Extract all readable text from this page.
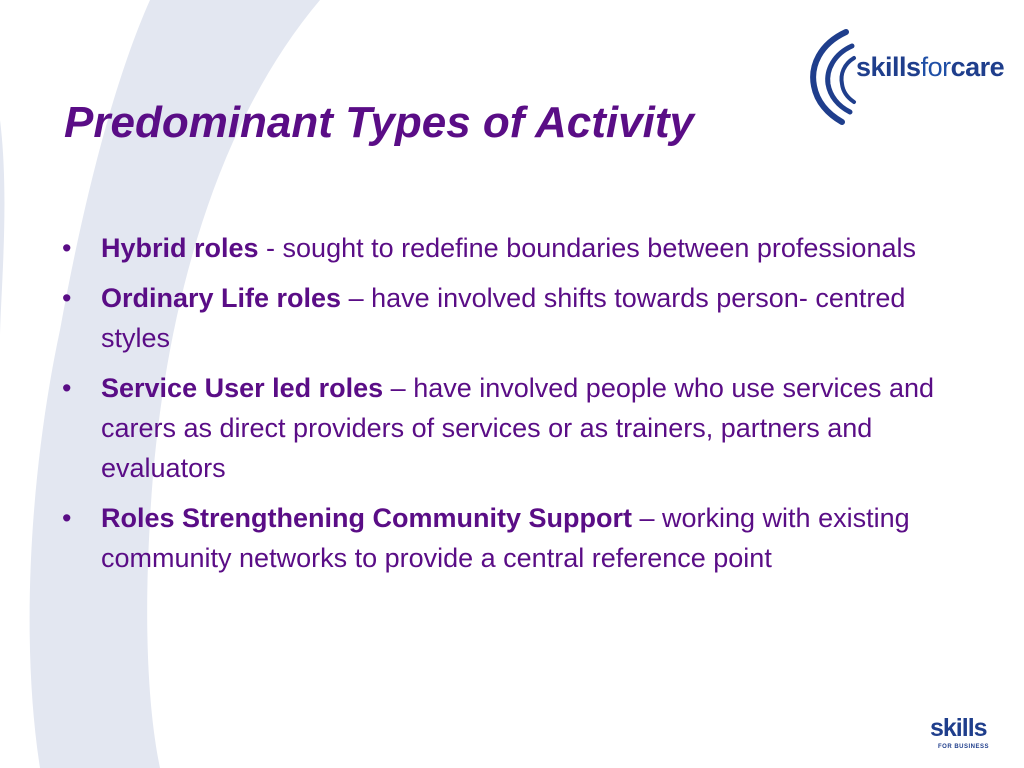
skillsforcare
Predominant Types of Activity
• Hybrid roles - sought to redefine boundaries between professionals
• Ordinary Life roles – have involved shifts towards person- centred styles
• Service User led roles – have involved people who use services and carers as direct providers of services or as trainers, partners and evaluators
• Roles Strengthening Community Support – working with existing community networks to provide a central reference point
skills
FOR BUSINESS
